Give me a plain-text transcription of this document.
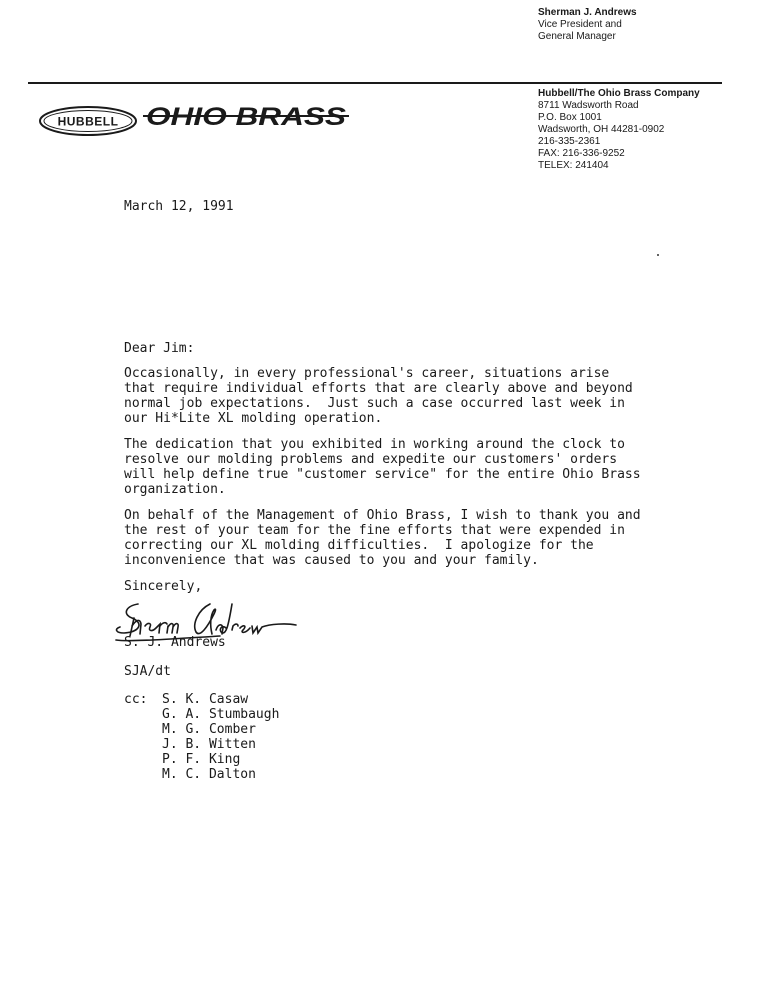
Sherman J. Andrews
Vice President and
General Manager
HUBBELL OHIO BRASS
Hubbell/The Ohio Brass Company
8711 Wadsworth Road
P.O. Box 1001
Wadsworth, OH 44281-0902
216-335-2361
FAX: 216-336-9252
TELEX: 241404
March 12, 1991
Dear Jim:
Occasionally, in every professional's career, situations arise
that require individual efforts that are clearly above and beyond
normal job expectations.  Just such a case occurred last week in
our Hi*Lite XL molding operation.
The dedication that you exhibited in working around the clock to
resolve our molding problems and expedite our customers' orders
will help define true "customer service" for the entire Ohio Brass
organization.
On behalf of the Management of Ohio Brass, I wish to thank you and
the rest of your team for the fine efforts that were expended in
correcting our XL molding difficulties.  I apologize for the
inconvenience that was caused to you and your family.
Sincerely,
S. J. Andrews
SJA/dt
cc: S. K. Casaw
G. A. Stumbaugh
M. G. Comber
J. B. Witten
P. F. King
M. C. Dalton
